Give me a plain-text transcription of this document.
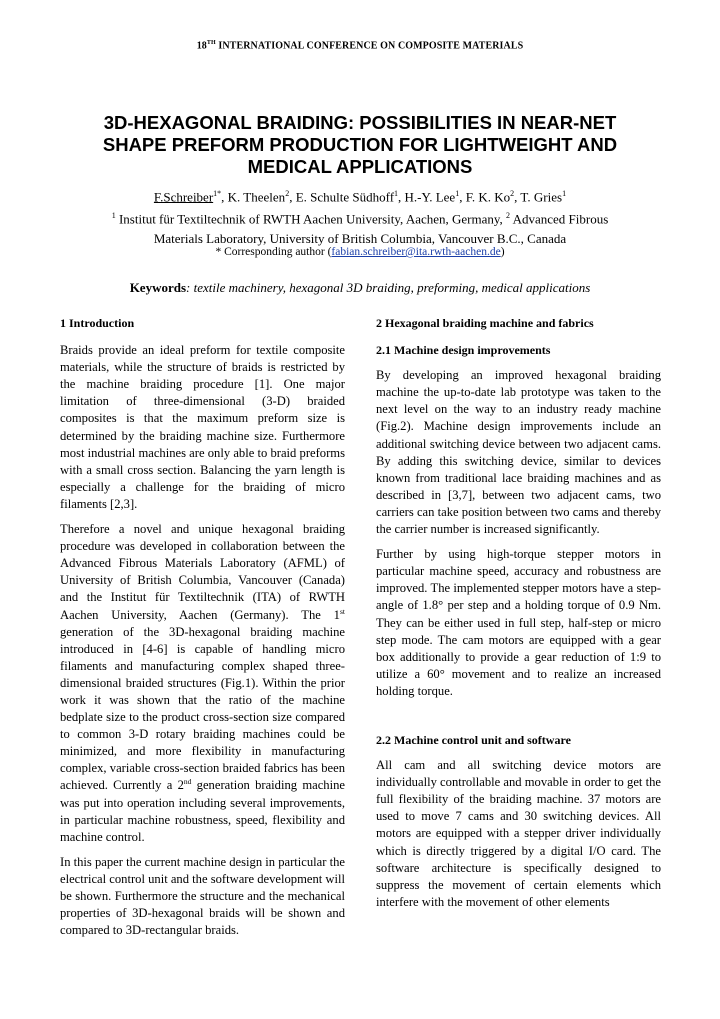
18TH INTERNATIONAL CONFERENCE ON COMPOSITE MATERIALS
3D-HEXAGONAL BRAIDING: POSSIBILITIES IN NEAR-NET
SHAPE PREFORM PRODUCTION FOR LIGHTWEIGHT AND
MEDICAL APPLICATIONS
F.Schreiber$^{1*}$, K. Theelen$^2$, E. Schulte Südhoff$^1$, H.-Y. Lee$^1$, F. K. Ko$^2$, T. Gries$^1$
$^1$ Institut für Textiltechnik of RWTH Aachen University, Aachen, Germany, $^2$ Advanced Fibrous
Materials Laboratory, University of British Columbia, Vancouver B.C., Canada
* Corresponding author (fabian.schreiber@ita.rwth-aachen.de)
Keywords: textile machinery, hexagonal 3D braiding, preforming, medical applications
1 Introduction

Braids provide an ideal preform for textile composite materials, while the structure of braids is restricted by the machine braiding procedure [1]. One major limitation of three-dimensional (3-D) braided composites is that the maximum preform size is determined by the braiding machine size. Furthermore most industrial machines are only able to braid preforms with a small cross section. Balancing the yarn length is especially a challenge for the braiding of micro filaments [2,3].

Therefore a novel and unique hexagonal braiding procedure was developed in collaboration between the Advanced Fibrous Materials Laboratory (AFML) of University of British Columbia, Vancouver (Canada) and the Institut für Textiltechnik (ITA) of RWTH Aachen University, Aachen (Germany). The 1st generation of the 3D-hexagonal braiding machine introduced in [4-6] is capable of handling micro filaments and manufacturing complex shaped three-dimensional braided structures (Fig.1). Within the prior work it was shown that the ratio of the machine bedplate size to the product cross-section size compared to common 3-D rotary braiding machines could be minimized, and more flexibility in manufacturing complex, variable cross-section braided fabrics has been achieved. Currently a 2nd generation braiding machine was put into operation including several improvements, in particular machine robustness, speed, flexibility and machine control.

In this paper the current machine design in particular the electrical control unit and the software development will be shown. Furthermore the structure and the mechanical properties of 3D-hexagonal braids will be shown and compared to 3D-rectangular braids.

2 Hexagonal braiding machine and fabrics
2.1 Machine design improvements

By developing an improved hexagonal braiding machine the up-to-date lab prototype was taken to the next level on the way to an industry ready machine (Fig.2). Machine design improvements include an additional switching device between two adjacent cams. By adding this switching device, similar to devices known from traditional lace braiding machines and as described in [3,7], between two adjacent cams, two carriers can take position between two cams and thereby the carrier number is increased significantly.

Further by using high-torque stepper motors in particular machine speed, accuracy and robustness are improved. The implemented stepper motors have a step-angle of 1.8° per step and a holding torque of 0.9 Nm. They can be either used in full step, half-step or micro step mode. The cam motors are equipped with a gear box additionally to provide a gear reduction of 1:9 to utilize a 60° movement and to realize an increased holding torque.

2.2 Machine control unit and software

All cam and all switching device motors are individually controllable and movable in order to get the full flexibility of the braiding machine. 37 motors are used to move 7 cams and 30 switching devices. All motors are equipped with a stepper driver individually which is directly triggered by a digital I/O card. The software architecture is specifically designed to suppress the movement of certain elements which interfere with the movement of other elements
